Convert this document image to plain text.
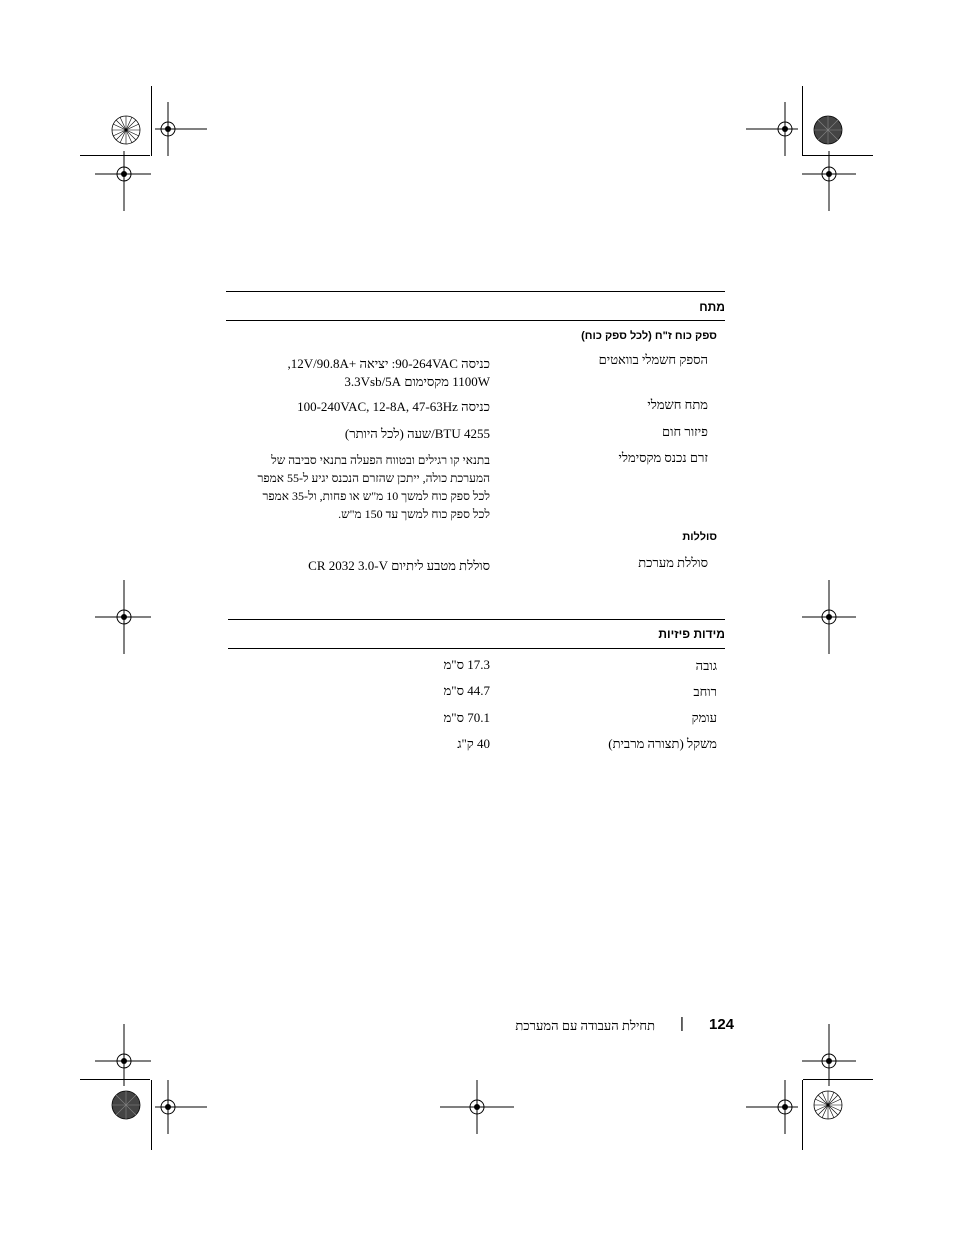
מתח
ספק כוח ז"ח (לכל ספק כוח)
הספק חשמלי בוואטים
כניסה 90-264VAC: יציאה +12V/90.8A,
1100W מקסימום 3.3Vsb/5A
מתח חשמלי
כניסה 100-240VAC, 12-8A, 47-63Hz
פיזור חום
4255 BTU/שעה (לכל היותר)
זרם נכנס מקסימלי
בתנאי קו רגילים ובטווח הפעלה בתנאי סביבה של
המערכת כולה, ייתכן שהזרם הנכנס יגיע ל-55 אמפר
לכל ספק כוח למשך 10 מ"ש או פחות, ול-35 אמפר
לכל ספק כוח למשך עד 150 מ"ש.
סוללות
סוללת מערכת
סוללת מטבע ליתיום CR 2032 3.0-V
מידות פיזיות
גובה
17.3 ס"מ
רוחב
44.7 ס"מ
עומק
70.1 ס"מ
משקל (תצורה מרבית)
40 ק"ג
124
|
תחילת העבודה עם המערכת
